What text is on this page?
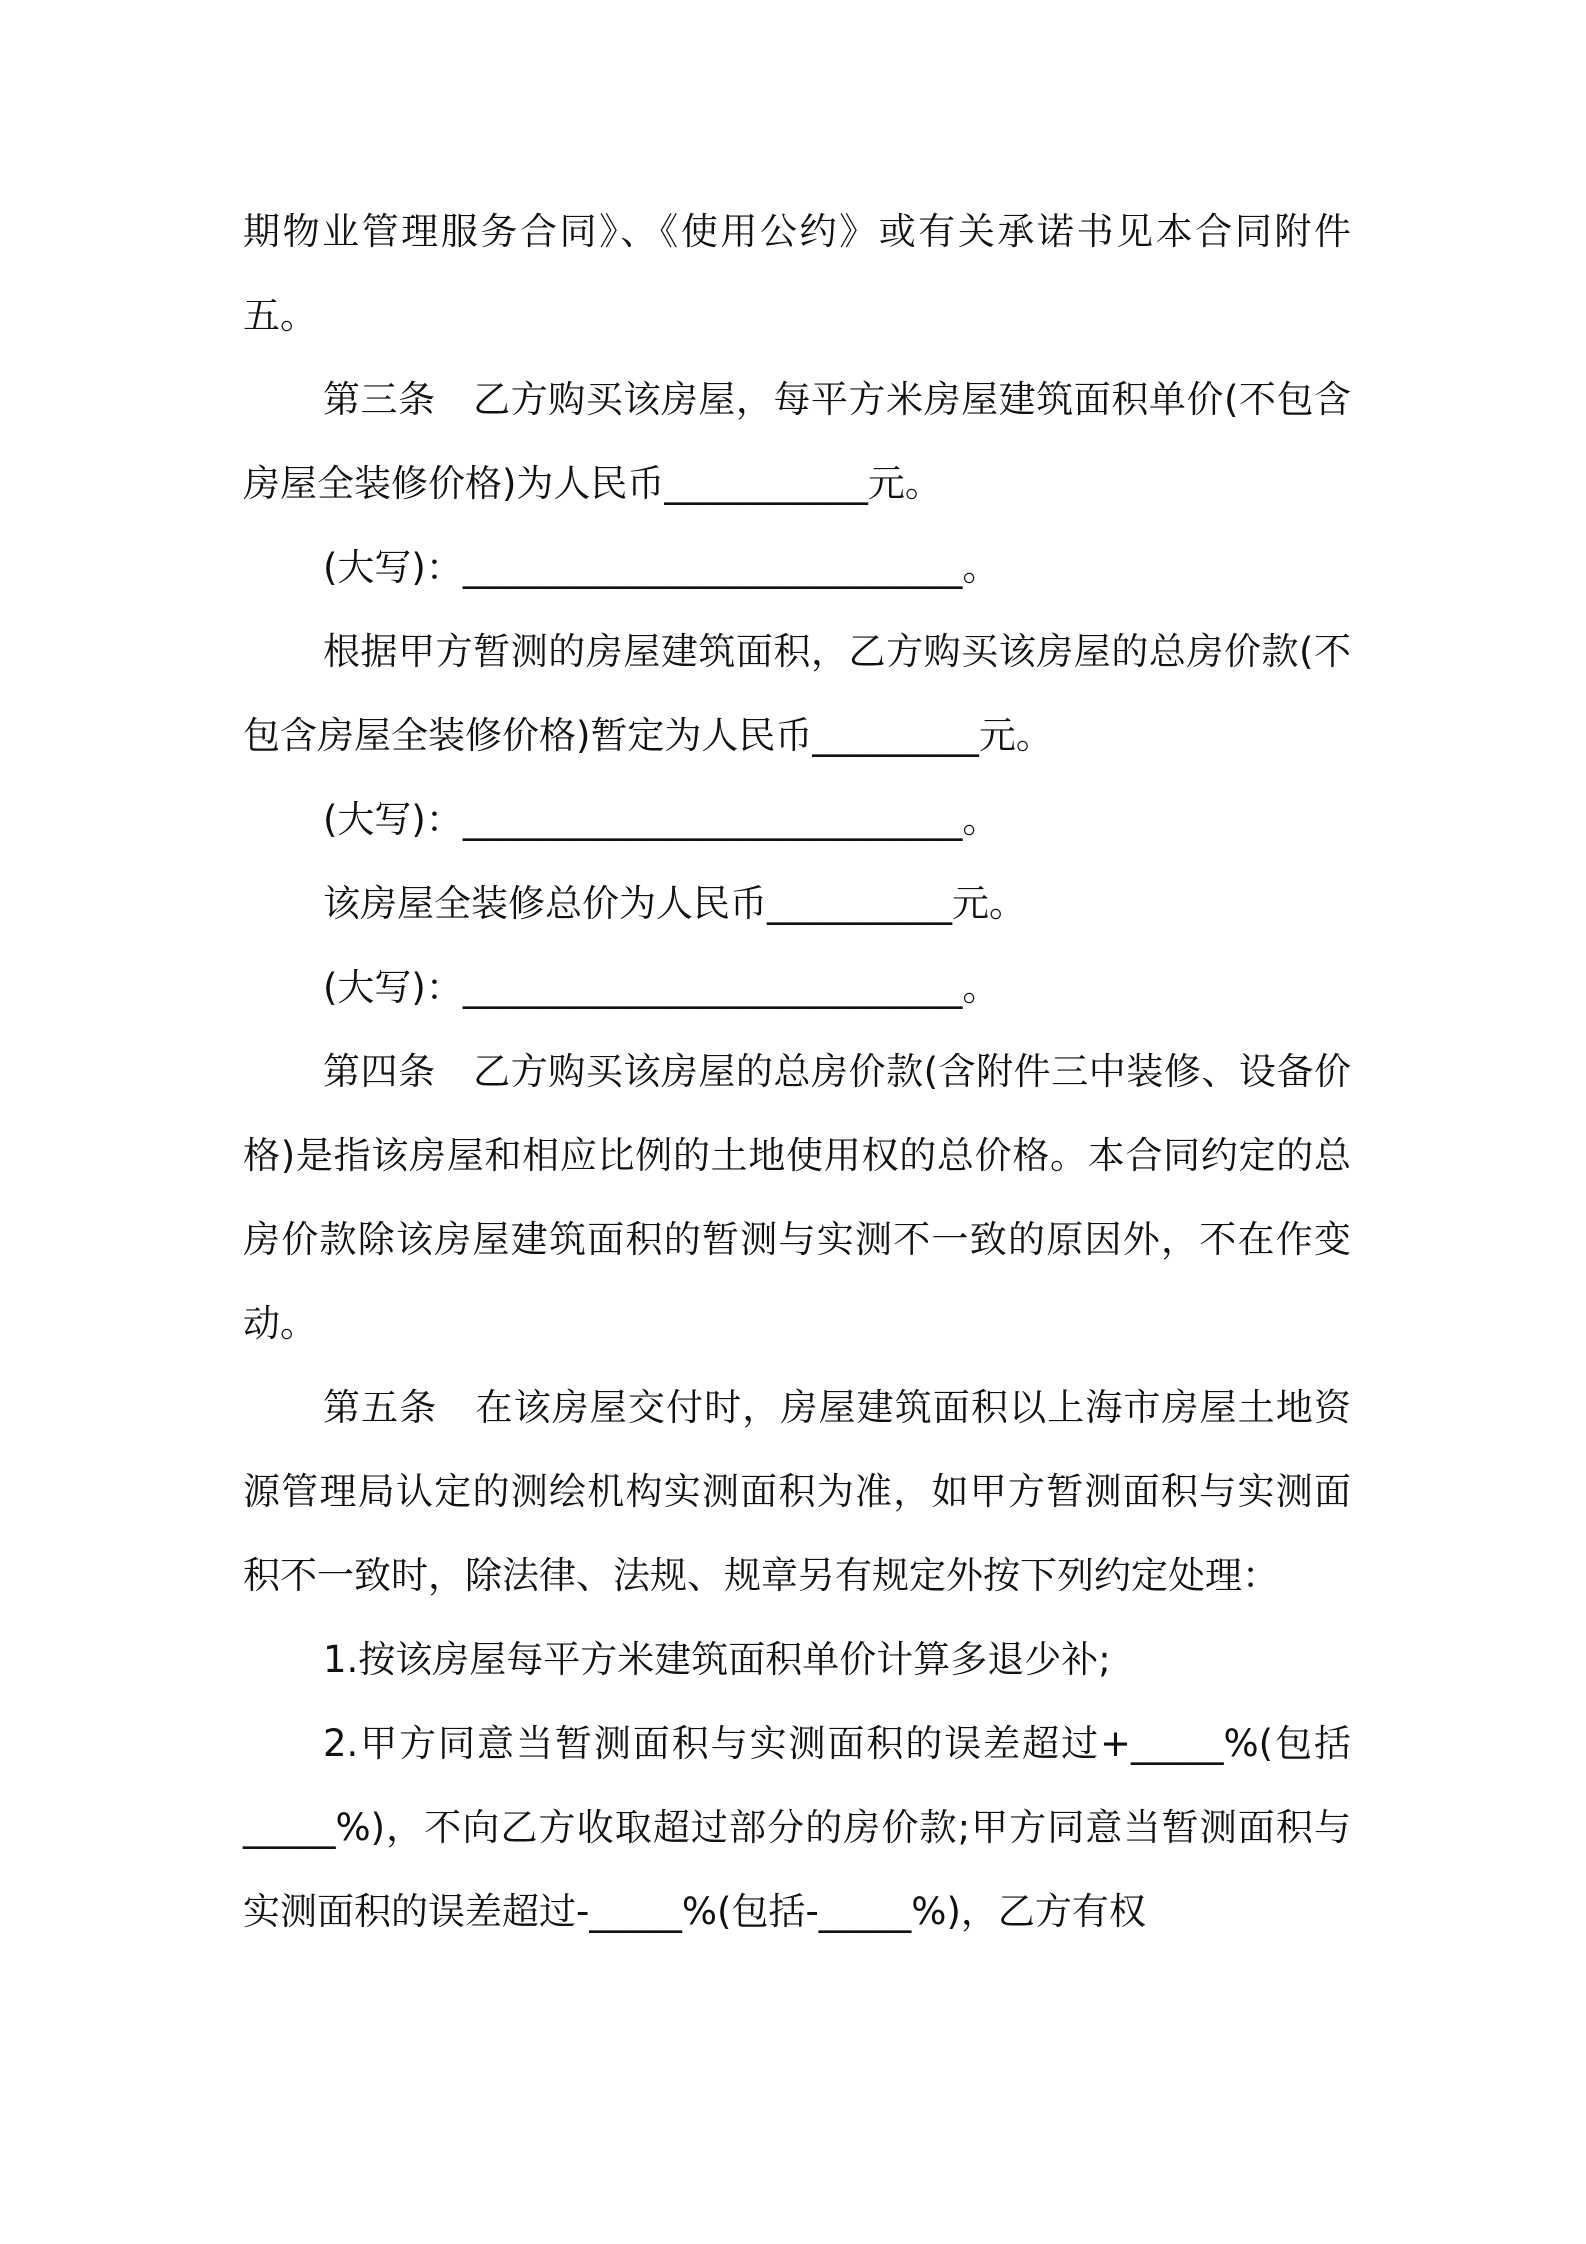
期物业管理服务合同》、《使用公约》或有关承诺书见本合同附件五。

第三条　乙方购买该房屋，每平方米房屋建筑面积单价(不包含房屋全装修价格)为人民币___________元。

(大写)：___________________________。

根据甲方暂测的房屋建筑面积，乙方购买该房屋的总房价款(不包含房屋全装修价格)暂定为人民币_________元。

(大写)：___________________________。

该房屋全装修总价为人民币__________元。

(大写)：___________________________。

第四条　乙方购买该房屋的总房价款(含附件三中装修、设备价格)是指该房屋和相应比例的土地使用权的总价格。本合同约定的总房价款除该房屋建筑面积的暂测与实测不一致的原因外，不在作变动。

第五条　在该房屋交付时，房屋建筑面积以上海市房屋土地资源管理局认定的测绘机构实测面积为准，如甲方暂测面积与实测面积不一致时，除法律、法规、规章另有规定外按下列约定处理：

1.按该房屋每平方米建筑面积单价计算多退少补;

2.甲方同意当暂测面积与实测面积的误差超过+_____%(包括_____%)，不向乙方收取超过部分的房价款;甲方同意当暂测面积与实测面积的误差超过-_____%(包括-_____%)，乙方有权
